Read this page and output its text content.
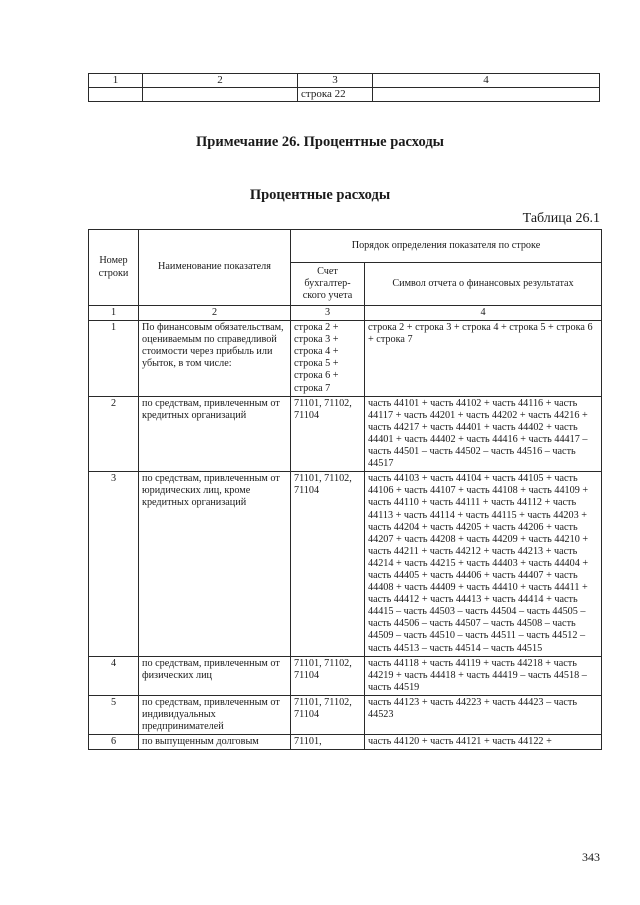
1	2	3	4
		строка 22	
Примечание 26. Процентные расходы
Процентные расходы
Таблица 26.1
Номер строки	Наименование показателя	Порядок определения показателя по строке	
		Счет бухгалтер- ского учета	Символ отчета о финансовых результатах
1	2	3	4
1	По финансовым обязательствам, оцениваемым по справедливой стоимости через прибыль или убыток, в том числе:	строка 2 + строка 3 + строка 4 + строка 5 + строка 6 + строка 7	строка 2 + строка 3 + строка 4 + строка 5 + строка 6 + строка 7
2	по средствам, привлеченным от кредитных организаций	71101, 71102, 71104	часть 44101 + часть 44102 + часть 44116 + часть 44117 + часть 44201 + часть 44202 + часть 44216 + часть 44217 + часть 44401 + часть 44402 + часть 44401 + часть 44402 + часть 44416 + часть 44417 – часть 44501 – часть 44502 – часть 44516 – часть 44517
3	по средствам, привлеченным от юридических лиц, кроме кредитных организаций	71101, 71102, 71104	часть 44103 + часть 44104 + часть 44105 + часть 44106 + часть 44107 + часть 44108 + часть 44109 + часть 44110 + часть 44111 + часть 44112 + часть 44113 + часть 44114 + часть 44115 + часть 44203 + часть 44204 + часть 44205 + часть 44206 + часть 44207 + часть 44208 + часть 44209 + часть 44210 + часть 44211 + часть 44212 + часть 44213 + часть 44214 + часть 44215 + часть 44403 + часть 44404 + часть 44405 + часть 44406 + часть 44407 + часть 44408 + часть 44409 + часть 44410 + часть 44411 + часть 44412 + часть 44413 + часть 44414 + часть 44415 – часть 44503 – часть 44504 – часть 44505 – часть 44506 – часть 44507 – часть 44508 – часть 44509 – часть 44510 – часть 44511 – часть 44512 – часть 44513 – часть 44514 – часть 44515
4	по средствам, привлеченным от физических лиц	71101, 71102, 71104	часть 44118 + часть 44119 + часть 44218 + часть 44219 + часть 44418 + часть 44419 – часть 44518 – часть 44519
5	по средствам, привлеченным от индивидуальных предпринимателей	71101, 71102, 71104	часть 44123 + часть 44223 + часть 44423 – часть 44523
6	по выпущенным долговым	71101,	часть 44120 + часть 44121 + часть 44122 +
343
